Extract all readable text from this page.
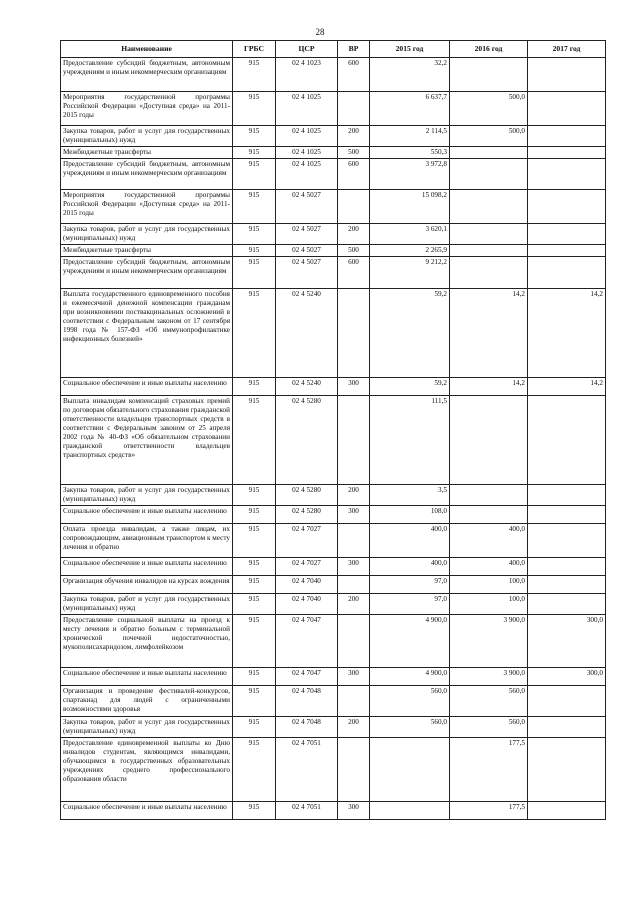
28
Наименование	ГРБС	ЦСР	ВР	2015 год	2016 год	2017 год
Предоставление субсидий бюджетным, автономным учреждениям и иным некоммерческим организациям	915	02 4 1023	600	32,2		
Мероприятия государственной программы Российской Федерации «Доступная среда» на 2011-2015 годы	915	02 4 1025		6 637,7	500,0	
Закупка товаров, работ и услуг для государственных (муниципальных) нужд	915	02 4 1025	200	2 114,5	500,0	
Межбюджетные трансферты	915	02 4 1025	500	550,3		
Предоставление субсидий бюджетным, автономным учреждениям и иным некоммерческим организациям	915	02 4 1025	600	3 972,8		
Мероприятия государственной программы Российской Федерации «Доступная среда» на 2011-2015 годы	915	02 4 5027		15 098,2		
Закупка товаров, работ и услуг для государственных (муниципальных) нужд	915	02 4 5027	200	3 620,1		
Межбюджетные трансферты	915	02 4 5027	500	2 265,9		
Предоставление субсидий бюджетным, автономным учреждениям и иным некоммерческим организациям	915	02 4 5027	600	9 212,2		
Выплата государственного единовременного пособия и ежемесячной денежной компенсации гражданам при возникновении поствакцинальных осложнений в соответствии с Федеральным законом от 17 сентября 1998 года № 157-ФЗ «Об иммунопрофилактике инфекционных болезней»	915	02 4 5240		59,2	14,2	14,2
Социальное обеспечение и иные выплаты населению	915	02 4 5240	300	59,2	14,2	14,2
Выплата инвалидам компенсаций страховых премий по договорам обязательного страхования гражданской ответственности владельцев транспортных средств в соответствии с Федеральным законом от 25 апреля 2002 года № 40-ФЗ «Об обязательном страховании гражданской ответственности владельцев транспортных средств»	915	02 4 5280		111,5		
Закупка товаров, работ и услуг для государственных (муниципальных) нужд	915	02 4 5280	200	3,5		
Социальное обеспечение и иные выплаты населению	915	02 4 5280	300	108,0		
Оплата проезда инвалидам, а также лицам, их сопровождающим, авиационным транспортом к месту лечения и обратно	915	02 4 7027		400,0	400,0	
Социальное обеспечение и иные выплаты населению	915	02 4 7027	300	400,0	400,0	
Организация обучения инвалидов на курсах вождения	915	02 4 7040		97,0	100,0	
Закупка товаров, работ и услуг для государственных (муниципальных) нужд	915	02 4 7040	200	97,0	100,0	
Предоставление социальной выплаты на проезд к месту лечения и обратно больным с терминальной хронической почечной недостаточностью, мукополисахаридозом, лимфолейкозом	915	02 4 7047		4 900,0	3 900,0	300,0
Социальное обеспечение и иные выплаты населению	915	02 4 7047	300	4 900,0	3 900,0	300,0
Организация и проведение фестивалей-конкурсов, спартакиад для людей с ограниченными возможностями здоровья	915	02 4 7048		560,0	560,0	
Закупка товаров, работ и услуг для государственных (муниципальных) нужд	915	02 4 7048	200	560,0	560,0	
Предоставление единовременной выплаты ко Дню инвалидов студентам, являющимся инвалидами, обучающимся в государственных образовательных учреждениях среднего профессионального образования области	915	02 4 7051			177,5	
Социальное обеспечение и иные выплаты населению	915	02 4 7051	300		177,5	
